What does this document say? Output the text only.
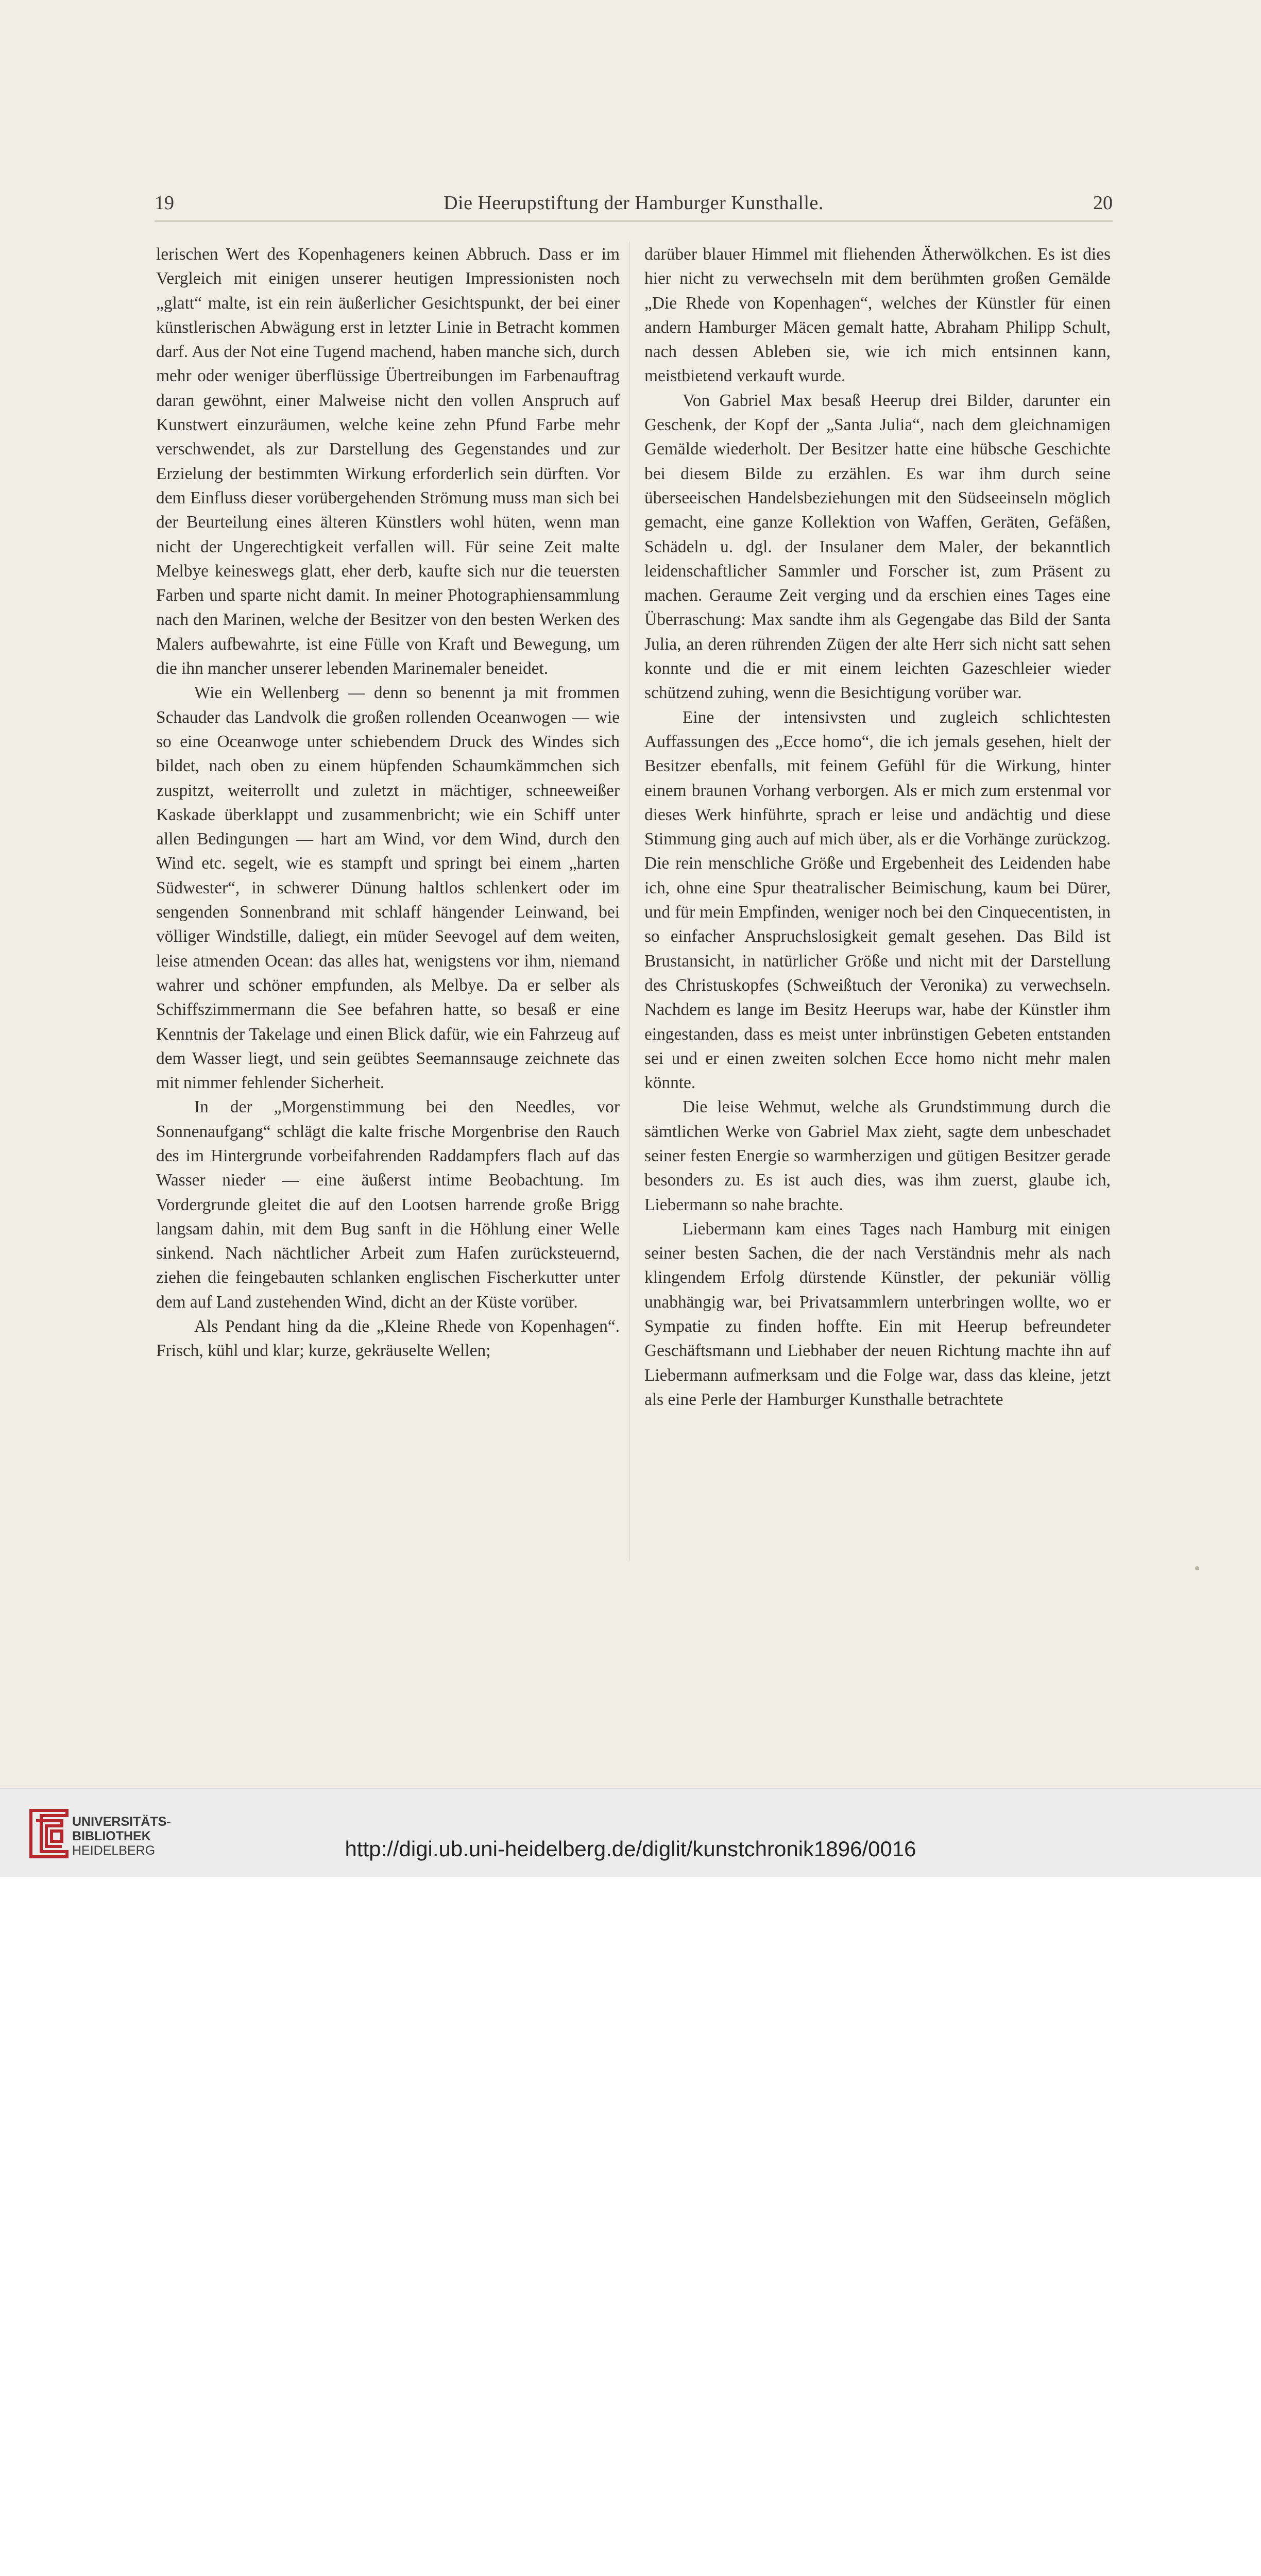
19	Die Heerupstiftung der Hamburger Kunsthalle.	20

lerischen Wert des Kopenhageners keinen Abbruch. Dass er im Vergleich mit einigen unserer heutigen Impressionisten noch „glatt“ malte, ist ein rein äußerlicher Gesichtspunkt, der bei einer künstlerischen Abwägung erst in letzter Linie in Betracht kommen darf. Aus der Not eine Tugend machend, haben manche sich, durch mehr oder weniger überflüssige Übertreibungen im Farbenauftrag daran gewöhnt, einer Malweise nicht den vollen Anspruch auf Kunstwert einzuräumen, welche keine zehn Pfund Farbe mehr verschwendet, als zur Darstellung des Gegenstandes und zur Erzielung der bestimmten Wirkung erforderlich sein dürften. Vor dem Einfluss dieser vorübergehenden Strömung muss man sich bei der Beurteilung eines älteren Künstlers wohl hüten, wenn man nicht der Ungerechtigkeit verfallen will. Für seine Zeit malte Melbye keineswegs glatt, eher derb, kaufte sich nur die teuersten Farben und sparte nicht damit. In meiner Photographiensammlung nach den Marinen, welche der Besitzer von den besten Werken des Malers aufbewahrte, ist eine Fülle von Kraft und Bewegung, um die ihn mancher unserer lebenden Marinemaler beneidet.

Wie ein Wellenberg — denn so benennt ja mit frommen Schauder das Landvolk die großen rollenden Oceanwogen — wie so eine Oceanwoge unter schiebendem Druck des Windes sich bildet, nach oben zu einem hüpfenden Schaumkämmchen sich zuspitzt, weiterrollt und zuletzt in mächtiger, schneeweißer Kaskade überklappt und zusammenbricht; wie ein Schiff unter allen Bedingungen — hart am Wind, vor dem Wind, durch den Wind etc. segelt, wie es stampft und springt bei einem „harten Südwester“, in schwerer Dünung haltlos schlenkert oder im sengenden Sonnenbrand mit schlaff hängender Leinwand, bei völliger Windstille, daliegt, ein müder Seevogel auf dem weiten, leise atmenden Ocean: das alles hat, wenigstens vor ihm, niemand wahrer und schöner empfunden, als Melbye. Da er selber als Schiffszimmermann die See befahren hatte, so besaß er eine Kenntnis der Takelage und einen Blick dafür, wie ein Fahrzeug auf dem Wasser liegt, und sein geübtes Seemannsauge zeichnete das mit nimmer fehlender Sicherheit.

In der „Morgenstimmung bei den Needles, vor Sonnenaufgang“ schlägt die kalte frische Morgenbrise den Rauch des im Hintergrunde vorbeifahrenden Raddampfers flach auf das Wasser nieder — eine äußerst intime Beobachtung. Im Vordergrunde gleitet die auf den Lootsen harrende große Brigg langsam dahin, mit dem Bug sanft in die Höhlung einer Welle sinkend. Nach nächtlicher Arbeit zum Hafen zurücksteuernd, ziehen die feingebauten schlanken englischen Fischerkutter unter dem auf Land zustehenden Wind, dicht an der Küste vorüber.

Als Pendant hing da die „Kleine Rhede von Kopenhagen“. Frisch, kühl und klar; kurze, gekräuselte Wellen;

darüber blauer Himmel mit fliehenden Ätherwölkchen. Es ist dies hier nicht zu verwechseln mit dem berühmten großen Gemälde „Die Rhede von Kopenhagen“, welches der Künstler für einen andern Hamburger Mäcen gemalt hatte, Abraham Philipp Schult, nach dessen Ableben sie, wie ich mich entsinnen kann, meistbietend verkauft wurde.

Von Gabriel Max besaß Heerup drei Bilder, darunter ein Geschenk, der Kopf der „Santa Julia“, nach dem gleichnamigen Gemälde wiederholt. Der Besitzer hatte eine hübsche Geschichte bei diesem Bilde zu erzählen. Es war ihm durch seine überseeischen Handelsbeziehungen mit den Südseeinseln möglich gemacht, eine ganze Kollektion von Waffen, Geräten, Gefäßen, Schädeln u. dgl. der Insulaner dem Maler, der bekanntlich leidenschaftlicher Sammler und Forscher ist, zum Präsent zu machen. Geraume Zeit verging und da erschien eines Tages eine Überraschung: Max sandte ihm als Gegengabe das Bild der Santa Julia, an deren rührenden Zügen der alte Herr sich nicht satt sehen konnte und die er mit einem leichten Gazeschleier wieder schützend zuhing, wenn die Besichtigung vorüber war.

Eine der intensivsten und zugleich schlichtesten Auffassungen des „Ecce homo“, die ich jemals gesehen, hielt der Besitzer ebenfalls, mit feinem Gefühl für die Wirkung, hinter einem braunen Vorhang verborgen. Als er mich zum erstenmal vor dieses Werk hinführte, sprach er leise und andächtig und diese Stimmung ging auch auf mich über, als er die Vorhänge zurückzog. Die rein menschliche Größe und Ergebenheit des Leidenden habe ich, ohne eine Spur theatralischer Beimischung, kaum bei Dürer, und für mein Empfinden, weniger noch bei den Cinquecentisten, in so einfacher Anspruchslosigkeit gemalt gesehen. Das Bild ist Brustansicht, in natürlicher Größe und nicht mit der Darstellung des Christuskopfes (Schweißtuch der Veronika) zu verwechseln. Nachdem es lange im Besitz Heerups war, habe der Künstler ihm eingestanden, dass es meist unter inbrünstigen Gebeten entstanden sei und er einen zweiten solchen Ecce homo nicht mehr malen könnte.

Die leise Wehmut, welche als Grundstimmung durch die sämtlichen Werke von Gabriel Max zieht, sagte dem unbeschadet seiner festen Energie so warmherzigen und gütigen Besitzer gerade besonders zu. Es ist auch dies, was ihm zuerst, glaube ich, Liebermann so nahe brachte.

Liebermann kam eines Tages nach Hamburg mit einigen seiner besten Sachen, die der nach Verständnis mehr als nach klingendem Erfolg dürstende Künstler, der pekuniär völlig unabhängig war, bei Privatsammlern unterbringen wollte, wo er Sympatie zu finden hoffte. Ein mit Heerup befreundeter Geschäftsmann und Liebhaber der neuen Richtung machte ihn auf Liebermann aufmerksam und die Folge war, dass das kleine, jetzt als eine Perle der Hamburger Kunsthalle betrachtete

UNIVERSITÄTS-
BIBLIOTHEK
HEIDELBERG	http://digi.ub.uni-heidelberg.de/diglit/kunstchronik1896/0016
